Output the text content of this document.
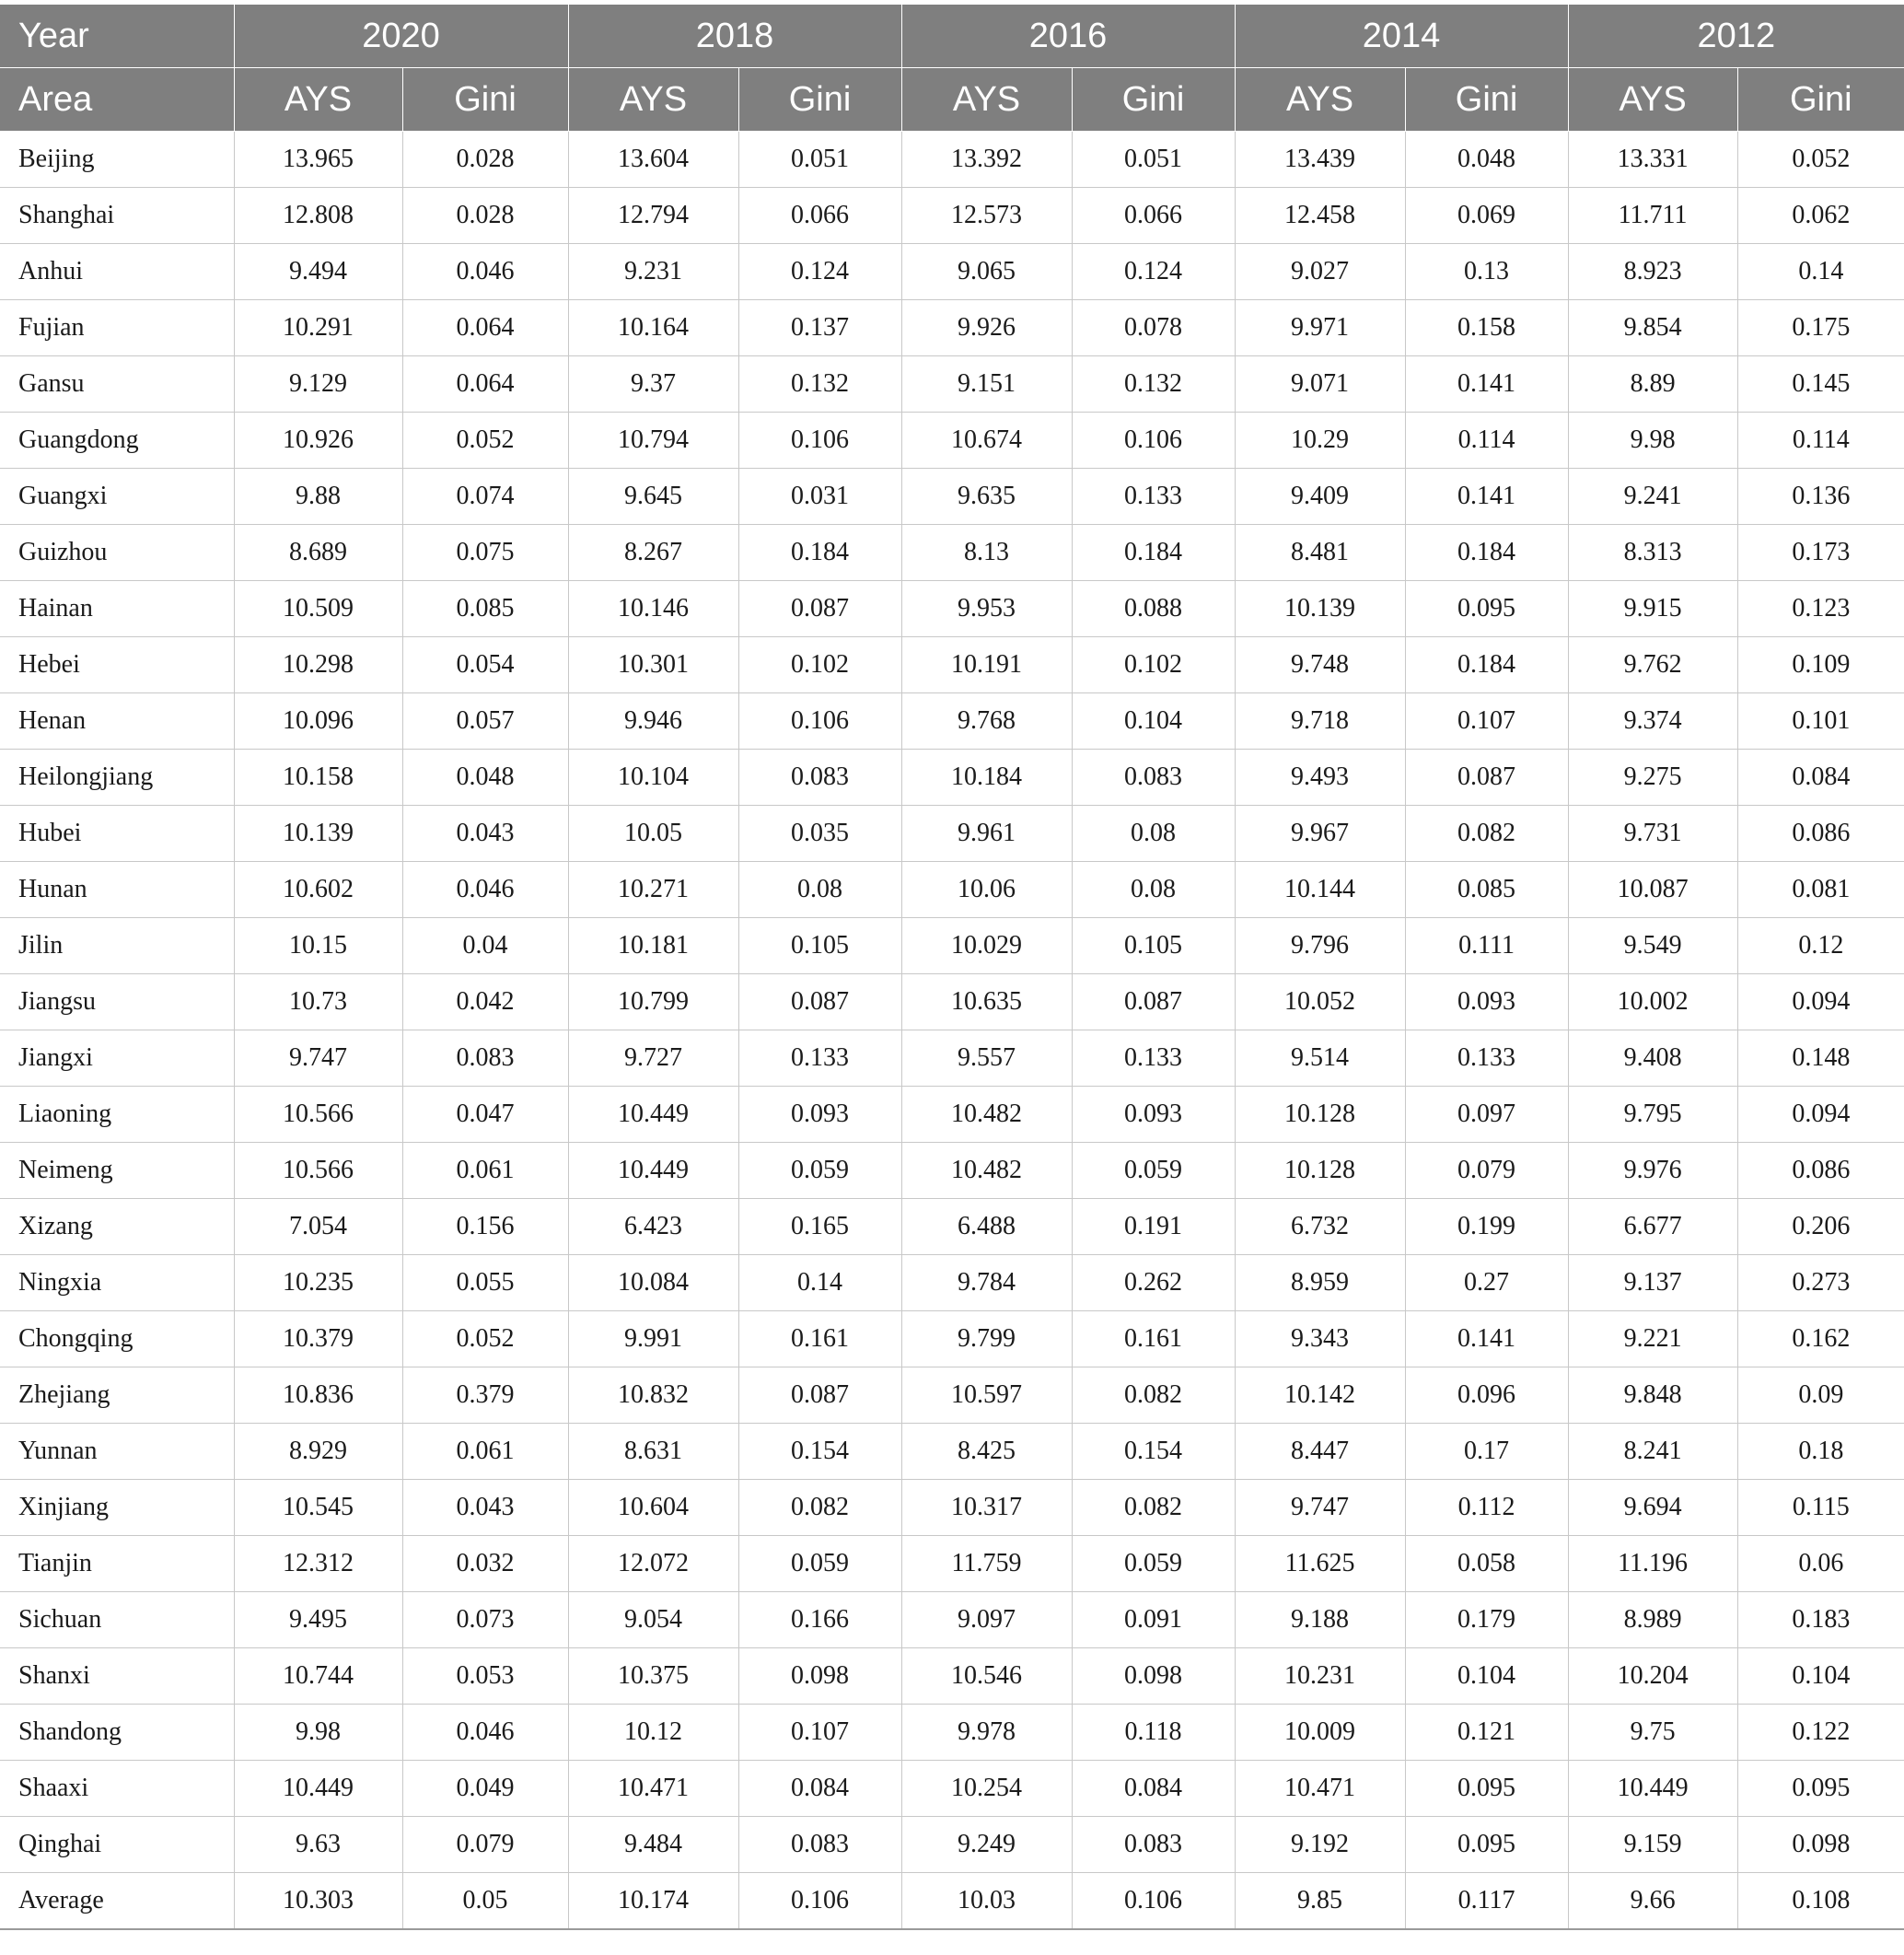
Year	2020		2018		2016		2014		2012	
Area	AYS	Gini	AYS	Gini	AYS	Gini	AYS	Gini	AYS	Gini
Beijing	13.965	0.028	13.604	0.051	13.392	0.051	13.439	0.048	13.331	0.052
Shanghai	12.808	0.028	12.794	0.066	12.573	0.066	12.458	0.069	11.711	0.062
Anhui	9.494	0.046	9.231	0.124	9.065	0.124	9.027	0.13	8.923	0.14
Fujian	10.291	0.064	10.164	0.137	9.926	0.078	9.971	0.158	9.854	0.175
Gansu	9.129	0.064	9.37	0.132	9.151	0.132	9.071	0.141	8.89	0.145
Guangdong	10.926	0.052	10.794	0.106	10.674	0.106	10.29	0.114	9.98	0.114
Guangxi	9.88	0.074	9.645	0.031	9.635	0.133	9.409	0.141	9.241	0.136
Guizhou	8.689	0.075	8.267	0.184	8.13	0.184	8.481	0.184	8.313	0.173
Hainan	10.509	0.085	10.146	0.087	9.953	0.088	10.139	0.095	9.915	0.123
Hebei	10.298	0.054	10.301	0.102	10.191	0.102	9.748	0.184	9.762	0.109
Henan	10.096	0.057	9.946	0.106	9.768	0.104	9.718	0.107	9.374	0.101
Heilongjiang	10.158	0.048	10.104	0.083	10.184	0.083	9.493	0.087	9.275	0.084
Hubei	10.139	0.043	10.05	0.035	9.961	0.08	9.967	0.082	9.731	0.086
Hunan	10.602	0.046	10.271	0.08	10.06	0.08	10.144	0.085	10.087	0.081
Jilin	10.15	0.04	10.181	0.105	10.029	0.105	9.796	0.111	9.549	0.12
Jiangsu	10.73	0.042	10.799	0.087	10.635	0.087	10.052	0.093	10.002	0.094
Jiangxi	9.747	0.083	9.727	0.133	9.557	0.133	9.514	0.133	9.408	0.148
Liaoning	10.566	0.047	10.449	0.093	10.482	0.093	10.128	0.097	9.795	0.094
Neimeng	10.566	0.061	10.449	0.059	10.482	0.059	10.128	0.079	9.976	0.086
Xizang	7.054	0.156	6.423	0.165	6.488	0.191	6.732	0.199	6.677	0.206
Ningxia	10.235	0.055	10.084	0.14	9.784	0.262	8.959	0.27	9.137	0.273
Chongqing	10.379	0.052	9.991	0.161	9.799	0.161	9.343	0.141	9.221	0.162
Zhejiang	10.836	0.379	10.832	0.087	10.597	0.082	10.142	0.096	9.848	0.09
Yunnan	8.929	0.061	8.631	0.154	8.425	0.154	8.447	0.17	8.241	0.18
Xinjiang	10.545	0.043	10.604	0.082	10.317	0.082	9.747	0.112	9.694	0.115
Tianjin	12.312	0.032	12.072	0.059	11.759	0.059	11.625	0.058	11.196	0.06
Sichuan	9.495	0.073	9.054	0.166	9.097	0.091	9.188	0.179	8.989	0.183
Shanxi	10.744	0.053	10.375	0.098	10.546	0.098	10.231	0.104	10.204	0.104
Shandong	9.98	0.046	10.12	0.107	9.978	0.118	10.009	0.121	9.75	0.122
Shaaxi	10.449	0.049	10.471	0.084	10.254	0.084	10.471	0.095	10.449	0.095
Qinghai	9.63	0.079	9.484	0.083	9.249	0.083	9.192	0.095	9.159	0.098
Average	10.303	0.05	10.174	0.106	10.03	0.106	9.85	0.117	9.66	0.108
